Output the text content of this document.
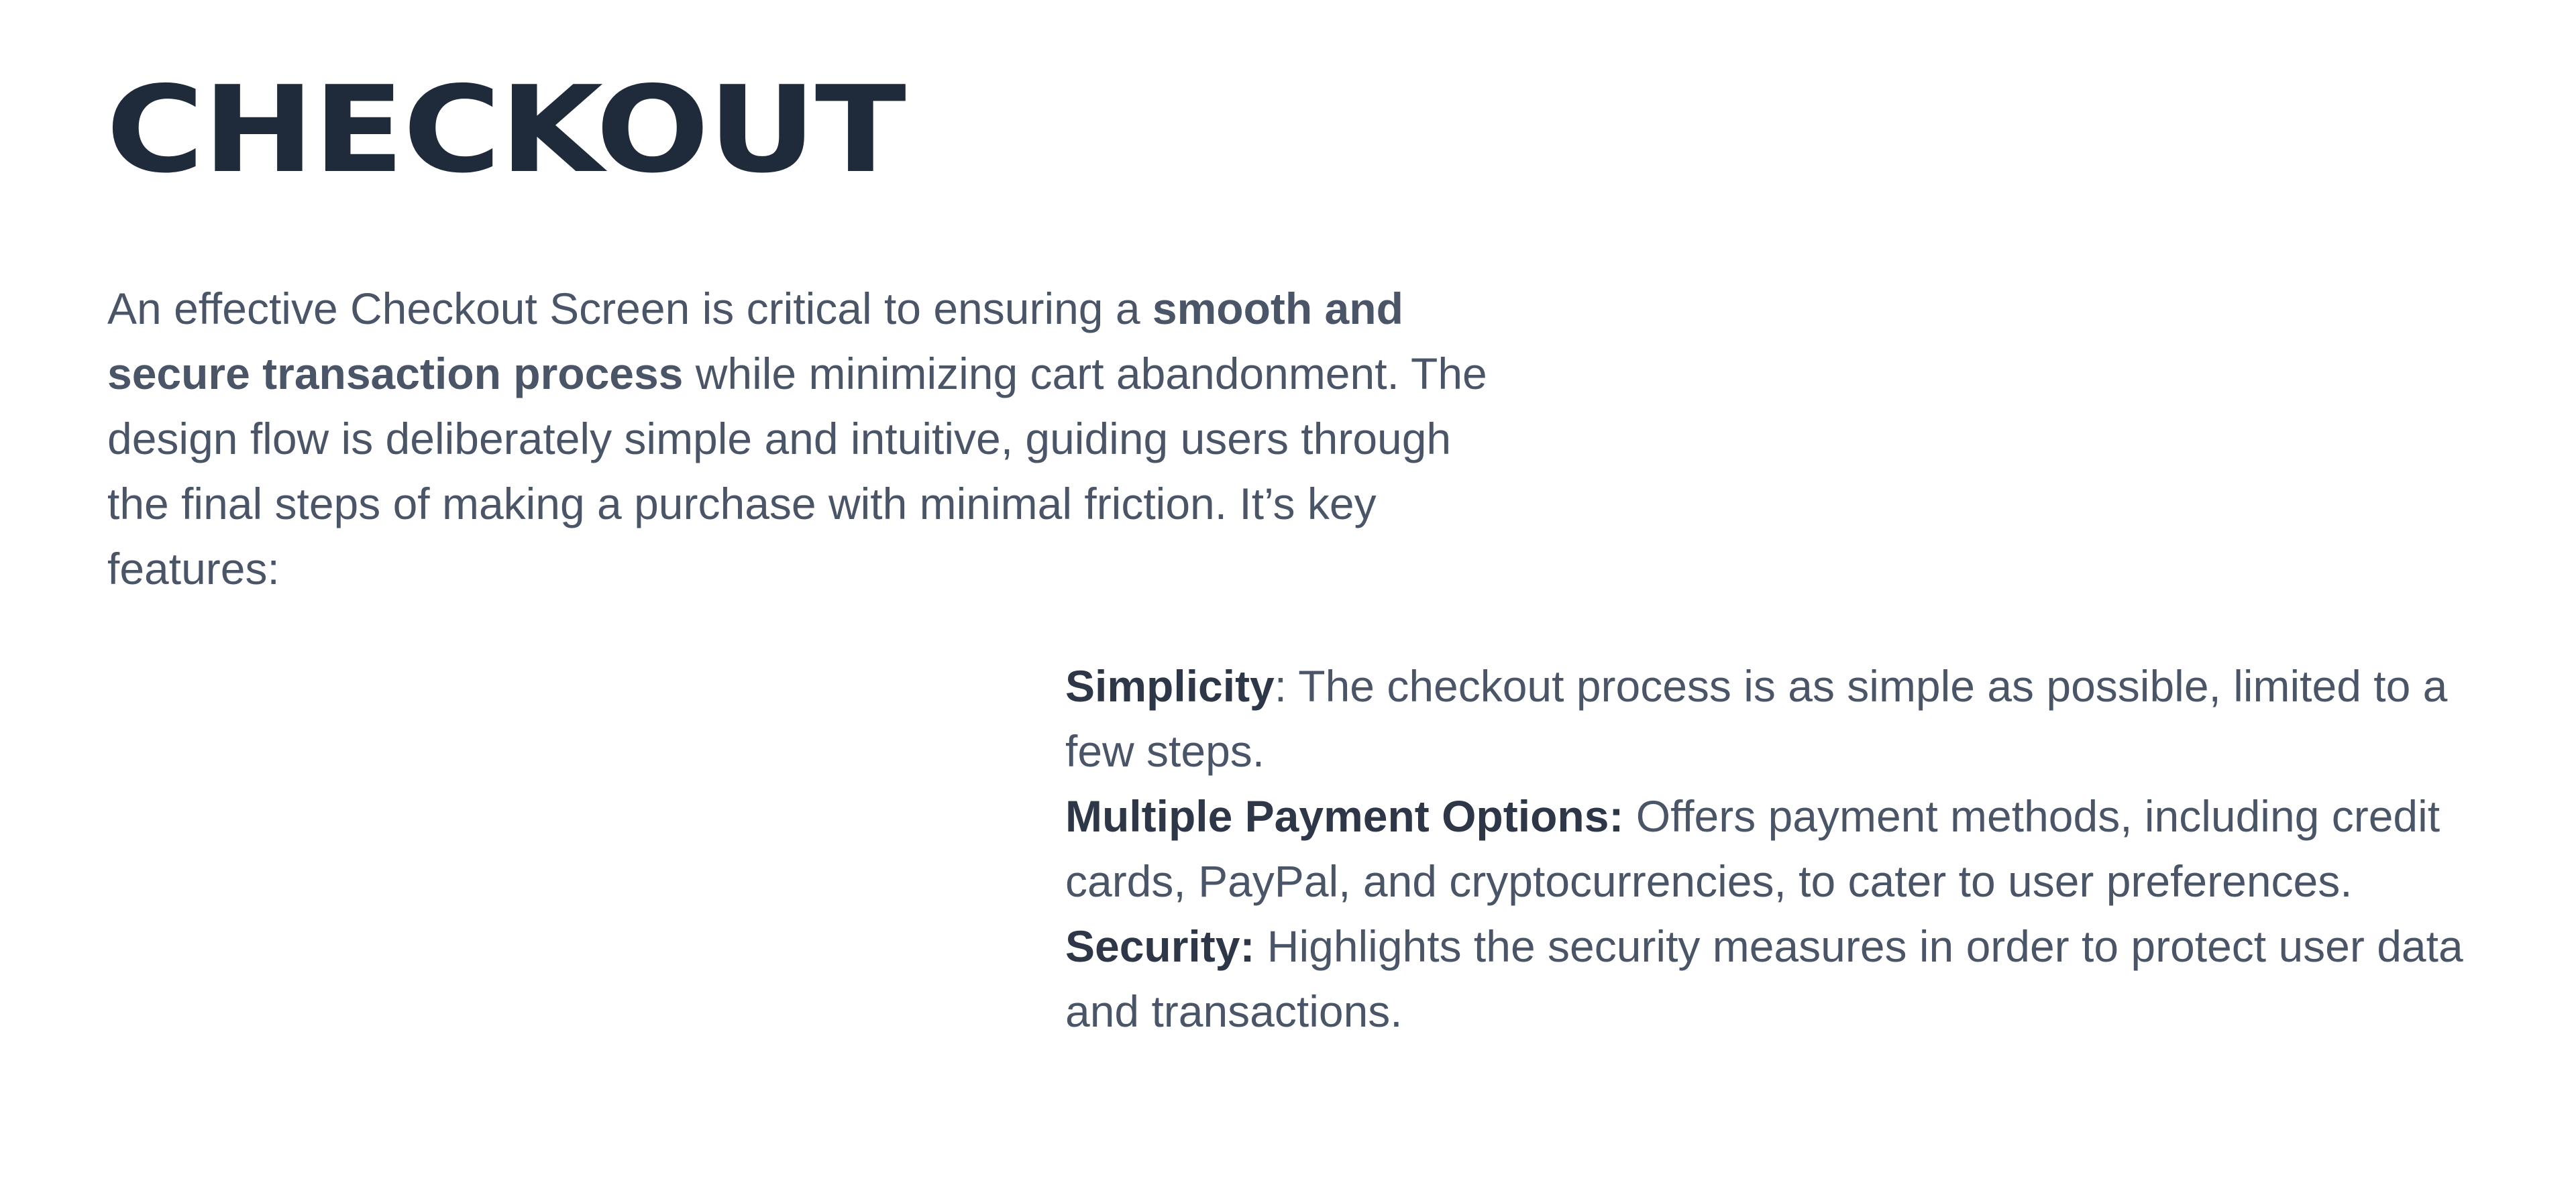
CHECKOUT

An effective Checkout Screen is critical to ensuring a smooth and secure transaction process while minimizing cart abandonment. The design flow is deliberately simple and intuitive, guiding users through the final steps of making a purchase with minimal friction. It’s key features:

Simplicity: The checkout process is as simple as possible, limited to a few steps.
Multiple Payment Options: Offers payment methods, including credit cards, PayPal, and cryptocurrencies, to cater to user preferences.
Security: Highlights the security measures in order to protect user data and transactions.
